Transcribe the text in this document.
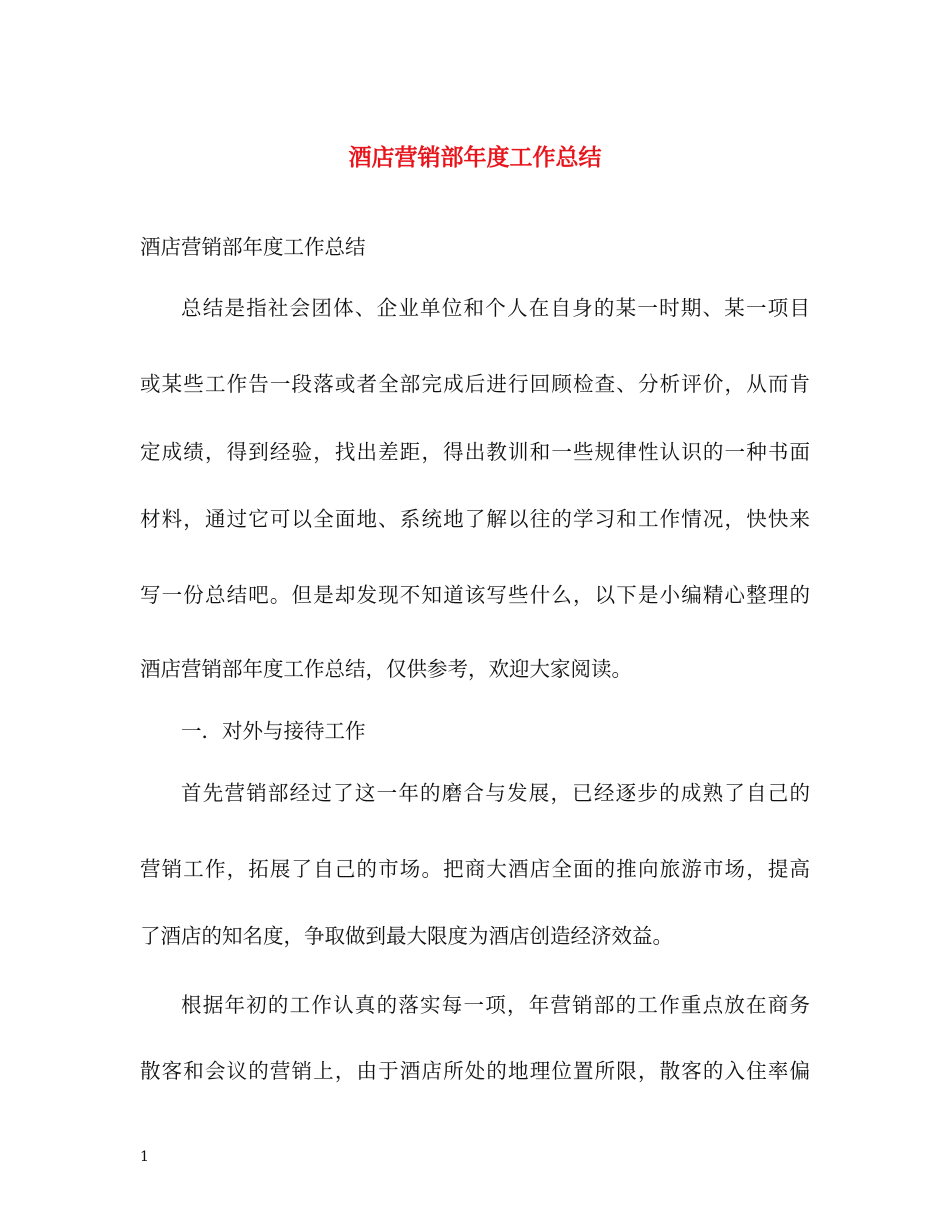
酒店营销部年度工作总结
酒店营销部年度工作总结
总结是指社会团体、企业单位和个人在自身的某一时期、某一项目
或某些工作告一段落或者全部完成后进行回顾检查、分析评价，从而肯
定成绩，得到经验，找出差距，得出教训和一些规律性认识的一种书面
材料，通过它可以全面地、系统地了解以往的学习和工作情况，快快来
写一份总结吧。但是却发现不知道该写些什么，以下是小编精心整理的
酒店营销部年度工作总结，仅供参考，欢迎大家阅读。
一．对外与接待工作
首先营销部经过了这一年的磨合与发展，已经逐步的成熟了自己的
营销工作，拓展了自己的市场。把商大酒店全面的推向旅游市场，提高
了酒店的知名度，争取做到最大限度为酒店创造经济效益。
根据年初的工作认真的落实每一项，年营销部的工作重点放在商务
散客和会议的营销上，由于酒店所处的地理位置所限，散客的入住率偏
1
